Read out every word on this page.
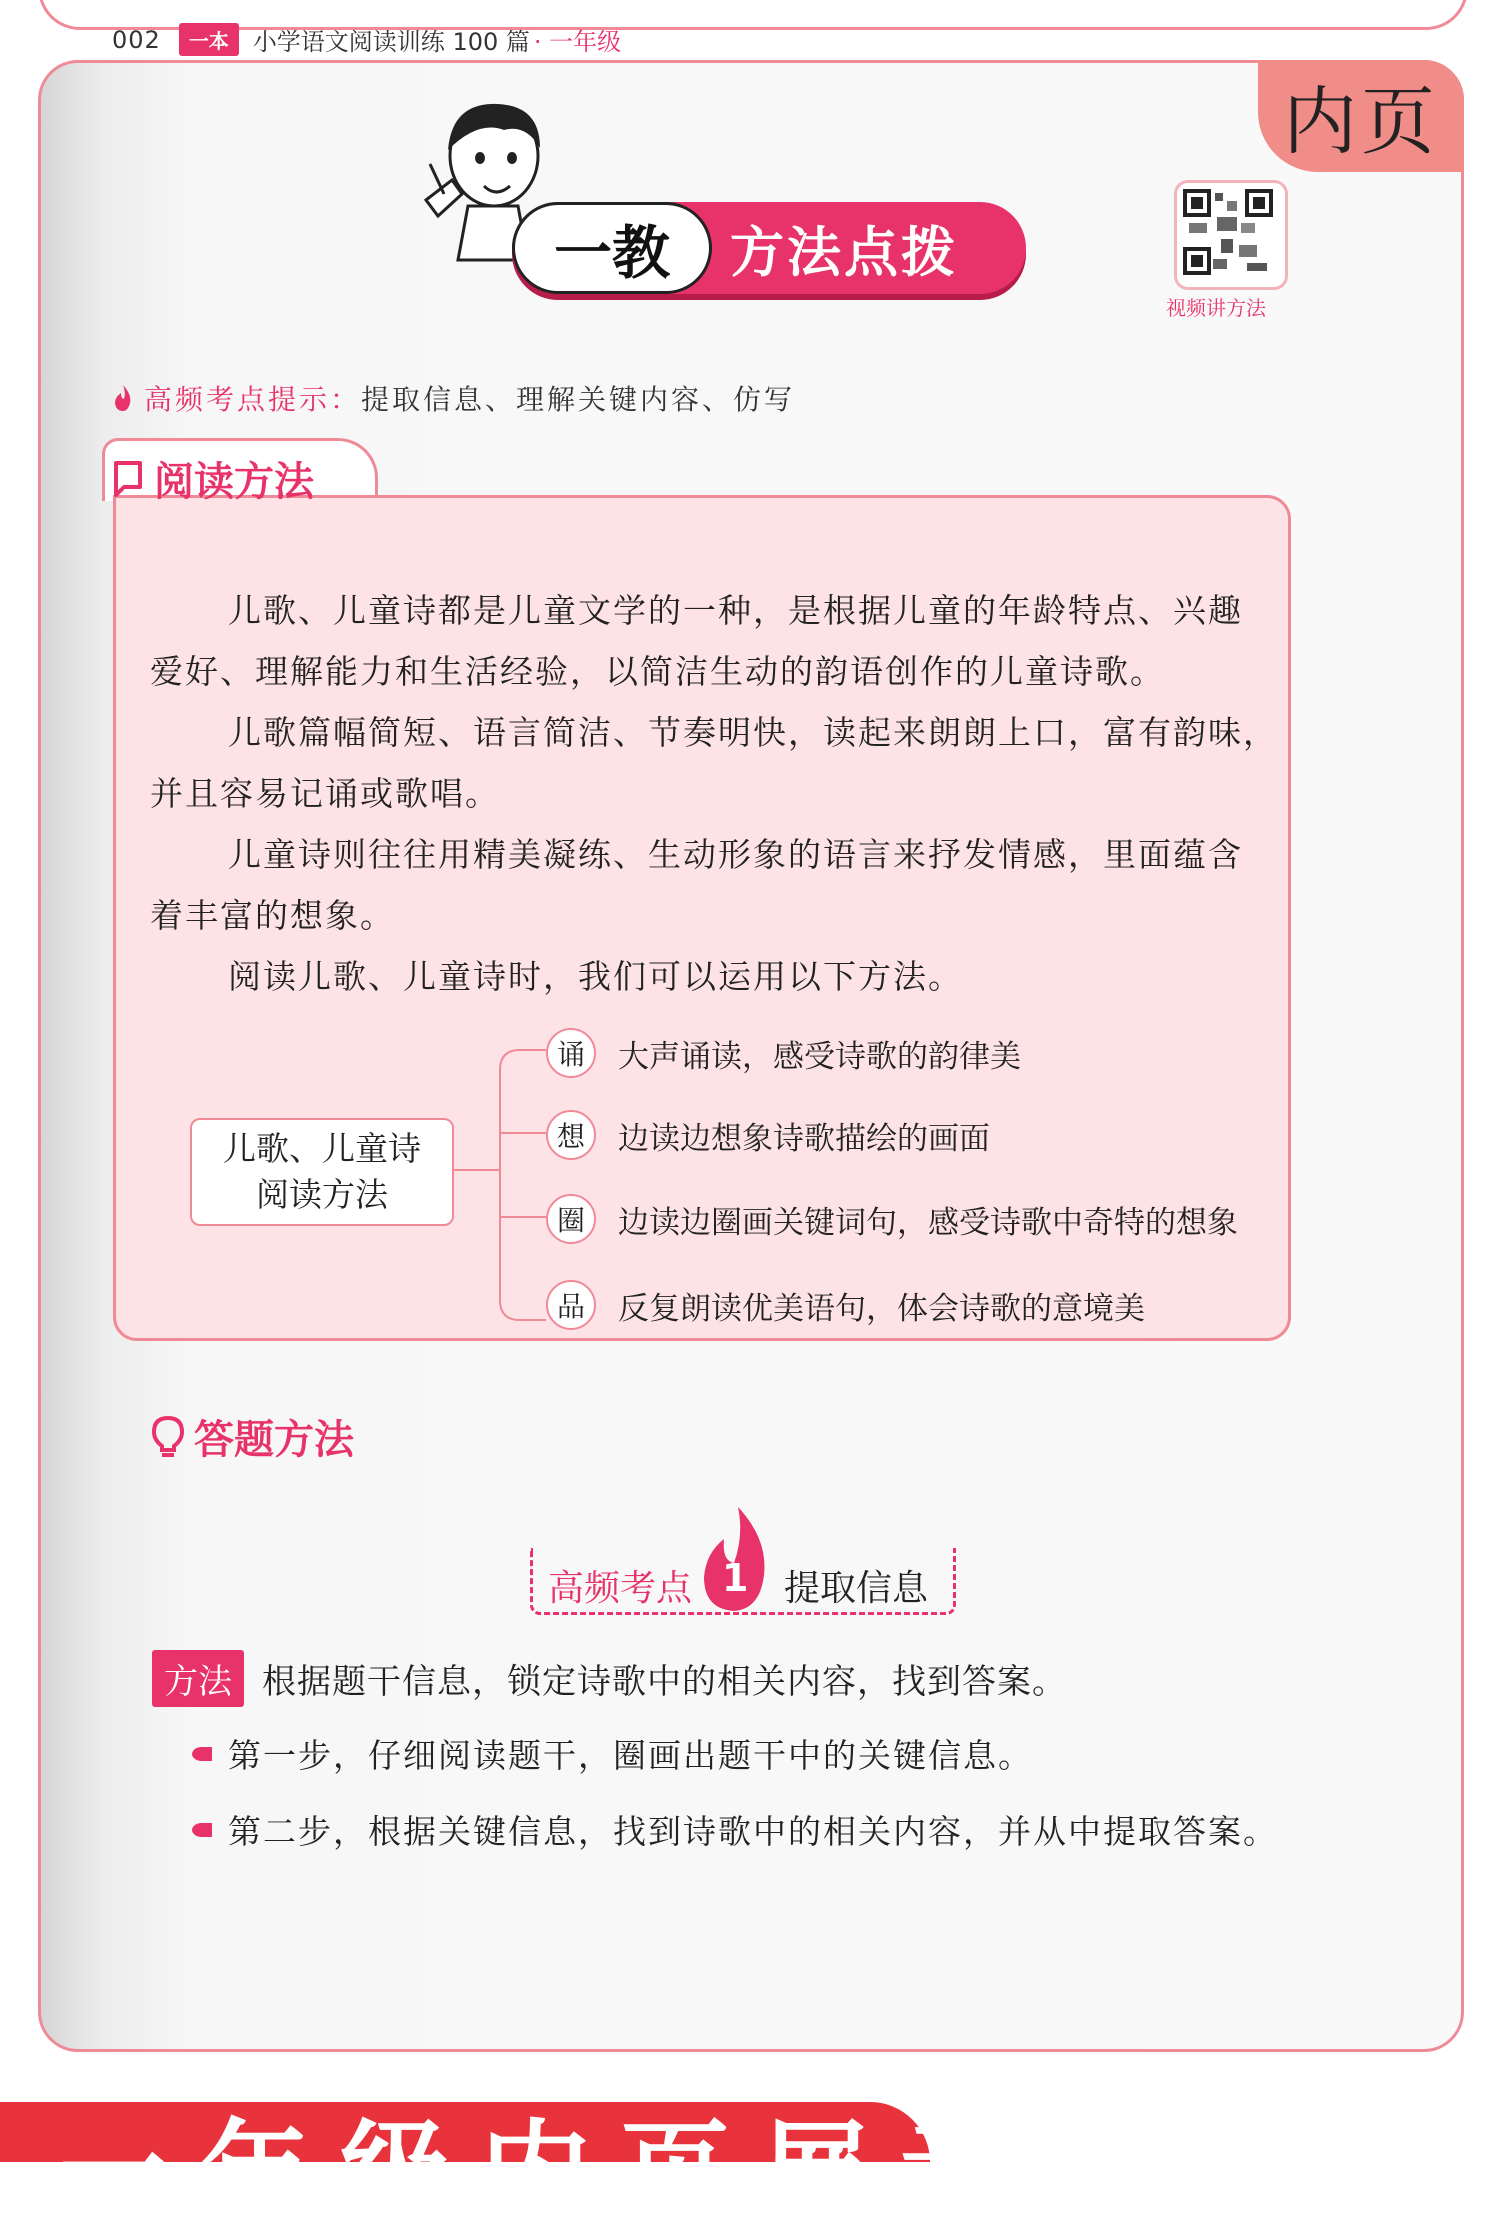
内页
002	一本	小学语文阅读训练 100 篇 · 一年级
一教	方法点拨
视频讲方法
高频考点提示： 提取信息、理解关键内容、仿写
阅读方法
儿歌、儿童诗都是儿童文学的一种，是根据儿童的年龄特点、兴趣
爱好、理解能力和生活经验，以简洁生动的韵语创作的儿童诗歌。
儿歌篇幅简短、语言简洁、节奏明快，读起来朗朗上口，富有韵味，
并且容易记诵或歌唱。
儿童诗则往往用精美凝练、生动形象的语言来抒发情感，里面蕴含
着丰富的想象。
阅读儿歌、儿童诗时，我们可以运用以下方法。
儿歌、儿童诗
阅读方法
诵	大声诵读，感受诗歌的韵律美
想	边读边想象诗歌描绘的画面
圈	边读边圈画关键词句，感受诗歌中奇特的想象
品	反复朗读优美语句，体会诗歌的意境美
答题方法
高频考点 1 提取信息
方法 根据题干信息，锁定诗歌中的相关内容，找到答案。
第一步，仔细阅读题干，圈画出题干中的关键信息。
第二步，根据关键信息，找到诗歌中的相关内容，并从中提取答案。
一年级内页展示
